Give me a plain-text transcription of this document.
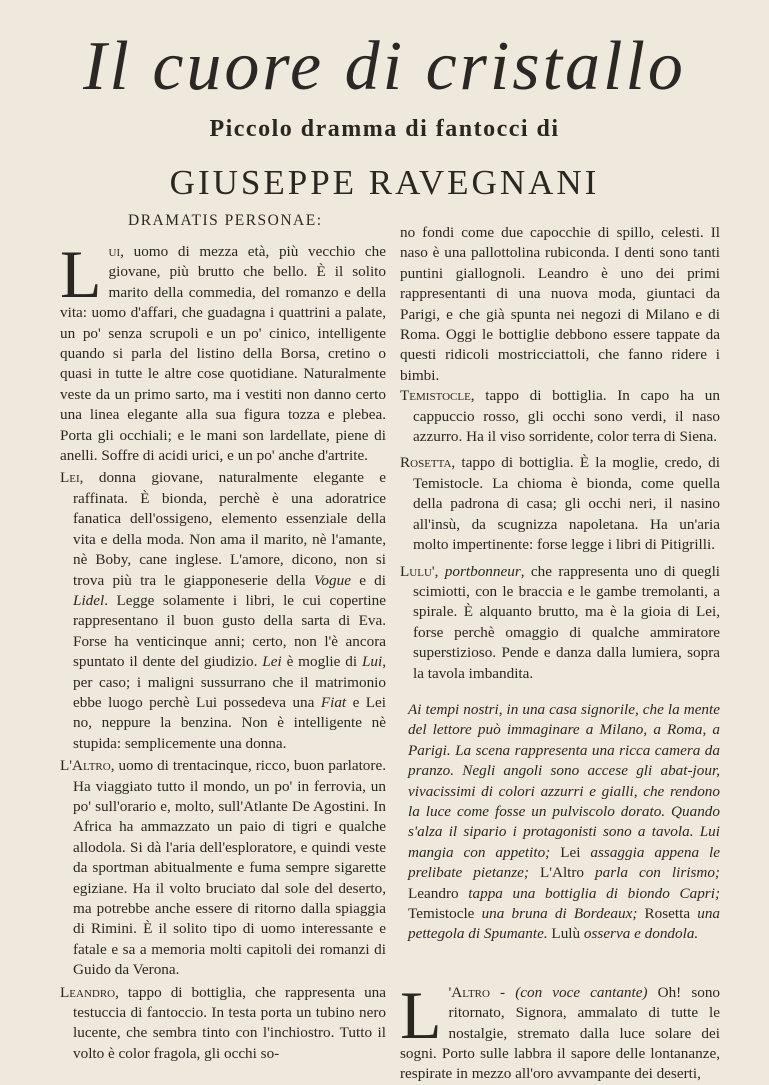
Il cuore di cristallo
Piccolo dramma di fantocci di
GIUSEPPE RAVEGNANI
DRAMATIS PERSONAE:

Lui, uomo di mezza età, più vecchio che giovane, più brutto che bello. È il solito marito della commedia, del romanzo e della vita: uomo d'affari, che guadagna i quattrini a palate, un po' senza scrupoli e un po' cinico, intelligente quando si parla del listino della Borsa, cretino o quasi in tutte le altre cose quotidiane. Naturalmente veste da un primo sarto, ma i vestiti non danno certo una linea elegante alla sua figura tozza e plebea. Porta gli occhiali; e le mani son lardellate, piene di anelli. Soffre di acidi urici, e un po' anche d'artrite.

Lei, donna giovane, naturalmente elegante e raffinata. È bionda, perchè è una adoratrice fanatica dell'ossigeno, elemento essenziale della vita e della moda. Non ama il marito, nè l'amante, nè Boby, cane inglese. L'amore, dicono, non si trova più tra le giapponeserie della Vogue e di Lidel. Legge solamente i libri, le cui copertine rappresentano il buon gusto della sarta di Eva. Forse ha venticinque anni; certo, non l'è ancora spuntato il dente del giudizio. Lei è moglie di Lui, per caso; i maligni sussurrano che il matrimonio ebbe luogo perchè Lui possedeva una Fiat e Lei no, neppure la benzina. Non è intelligente nè stupida: semplicemente una donna.

L'Altro, uomo di trentacinque, ricco, buon parlatore. Ha viaggiato tutto il mondo, un po' in ferrovia, un po' sull'orario e, molto, sull'Atlante De Agostini. In Africa ha ammazzato un paio di tigri e qualche allodola. Si dà l'aria dell'esploratore, e quindi veste da sportman abitualmente e fuma sempre sigarette egiziane. Ha il volto bruciato dal sole del deserto, ma potrebbe anche essere di ritorno dalla spiaggia di Rimini. È il solito tipo di uomo interessante e fatale e sa a memoria molti capitoli dei romanzi di Guido da Verona.

Leandro, tappo di bottiglia, che rappresenta una testuccia di fantoccio. In testa porta un tubino nero lucente, che sembra tinto con l'inchiostro. Tutto il volto è color fragola, gli occhi so-

no fondi come due capocchie di spillo, celesti. Il naso è una pallottolina rubiconda. I denti sono tanti puntini giallognoli. Leandro è uno dei primi rappresentanti di una nuova moda, giuntaci da Parigi, e che già spunta nei negozi di Milano e di Roma. Oggi le bottiglie debbono essere tappate da questi ridicoli mostricciattoli, che fanno ridere i bimbi.

Temistocle, tappo di bottiglia. In capo ha un cappuccio rosso, gli occhi sono verdi, il naso azzurro. Ha il viso sorridente, color terra di Siena.

Rosetta, tappo di bottiglia. È la moglie, credo, di Temistocle. La chioma è bionda, come quella della padrona di casa; gli occhi neri, il nasino all'insù, da scugnizza napoletana. Ha un'aria molto impertinente: forse legge i libri di Pitigrilli.

Lulu', portbonneur, che rappresenta uno di quegli scimiotti, con le braccia e le gambe tremolanti, a spirale. È alquanto brutto, ma è la gioia di Lei, forse perchè omaggio di qualche ammiratore superstizioso. Pende e danza dalla lumiera, sopra la tavola imbandita.

Ai tempi nostri, in una casa signorile, che la mente del lettore può immaginare a Milano, a Roma, a Parigi. La scena rappresenta una ricca camera da pranzo. Negli angoli sono accese gli abat-jour, vivacissimi di colori azzurri e gialli, che rendono la luce come fosse un pulviscolo dorato. Quando s'alza il sipario i protagonisti sono a tavola. Lui mangia con appetito; Lei assaggia appena le prelibate pietanze; L'Altro parla con lirismo; Leandro tappa una bottiglia di biondo Capri; Temistocle una bruna di Bordeaux; Rosetta una pettegola di Spumante. Lulù osserva e dondola.

L 'Altro - (con voce cantante) Oh! sono ritornato, Signora, ammalato di tutte le nostalgie, stremato dalla luce solare dei sogni. Porto sulle labbra il sapore delle lontananze, respirate in mezzo all'oro avvampante dei deserti,
